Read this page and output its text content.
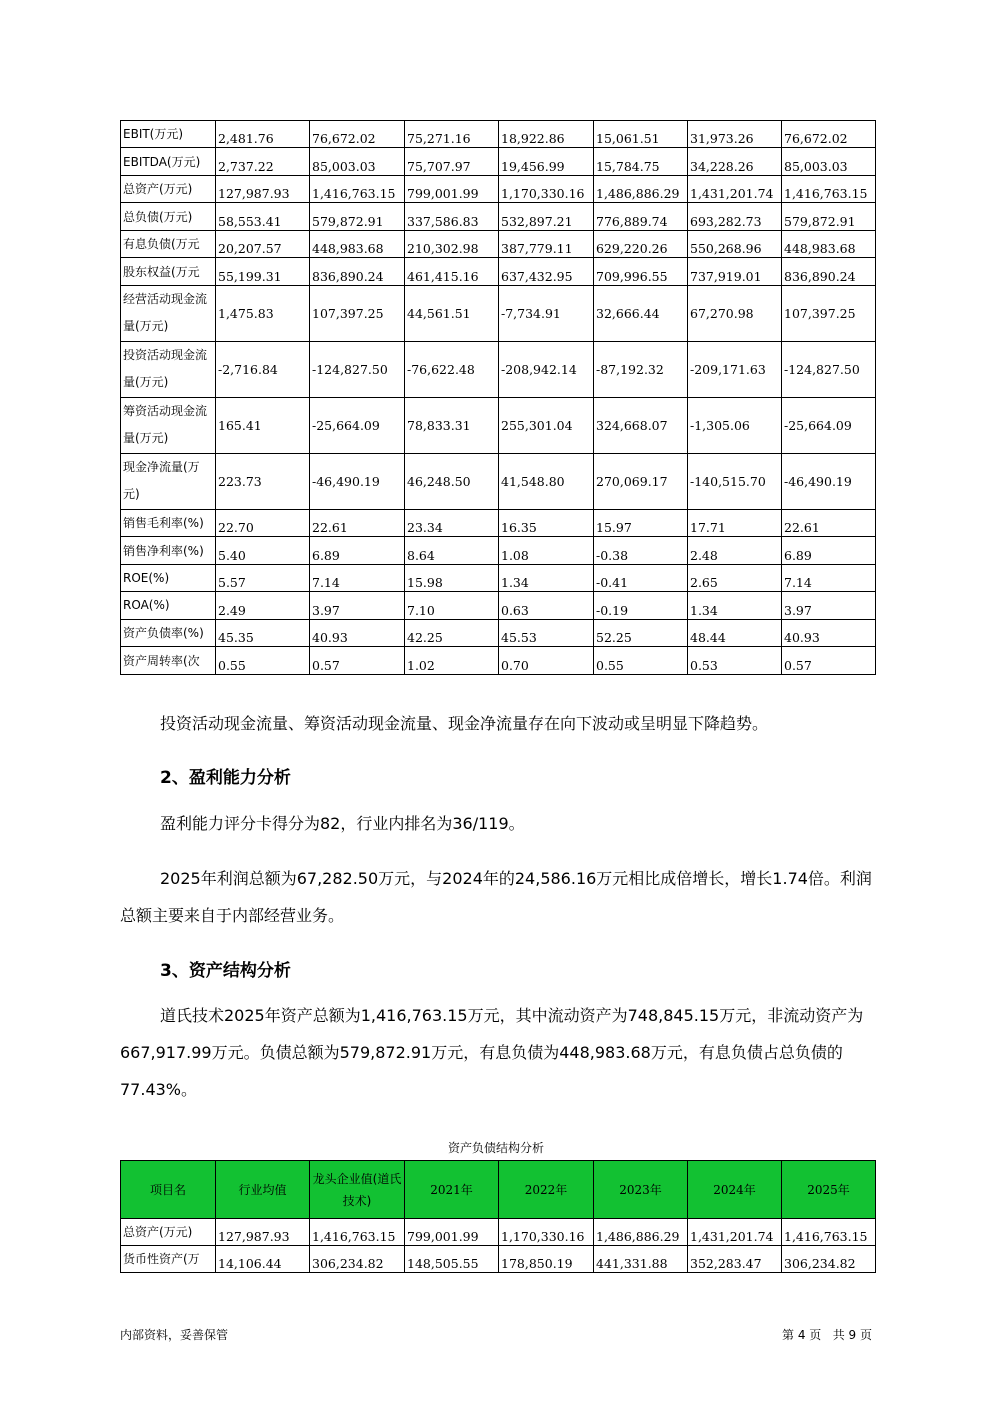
EBIT(万元)	2,481.76	76,672.02	75,271.16	18,922.86	15,061.51	31,973.26	76,672.02
EBITDA(万元)	2,737.22	85,003.03	75,707.97	19,456.99	15,784.75	34,228.26	85,003.03
总资产(万元)	127,987.93	1,416,763.15	799,001.99	1,170,330.16	1,486,886.29	1,431,201.74	1,416,763.15
总负债(万元)	58,553.41	579,872.91	337,586.83	532,897.21	776,889.74	693,282.73	579,872.91
有息负债(万元	20,207.57	448,983.68	210,302.98	387,779.11	629,220.26	550,268.96	448,983.68
股东权益(万元	55,199.31	836,890.24	461,415.16	637,432.95	709,996.55	737,919.01	836,890.24
经营活动现金流量(万元)	1,475.83	107,397.25	44,561.51	-7,734.91	32,666.44	67,270.98	107,397.25
投资活动现金流量(万元)	-2,716.84	-124,827.50	-76,622.48	-208,942.14	-87,192.32	-209,171.63	-124,827.50
筹资活动现金流量(万元)	165.41	-25,664.09	78,833.31	255,301.04	324,668.07	-1,305.06	-25,664.09
现金净流量(万元)	223.73	-46,490.19	46,248.50	41,548.80	270,069.17	-140,515.70	-46,490.19
销售毛利率(%)	22.70	22.61	23.34	16.35	15.97	17.71	22.61
销售净利率(%)	5.40	6.89	8.64	1.08	-0.38	2.48	6.89
ROE(%)	5.57	7.14	15.98	1.34	-0.41	2.65	7.14
ROA(%)	2.49	3.97	7.10	0.63	-0.19	1.34	3.97
资产负债率(%)	45.35	40.93	42.25	45.53	52.25	48.44	40.93
资产周转率(次	0.55	0.57	1.02	0.70	0.55	0.53	0.57

投资活动现金流量、筹资活动现金流量、现金净流量存在向下波动或呈明显下降趋势。

2、盈利能力分析

盈利能力评分卡得分为82，行业内排名为36/119。

2025年利润总额为67,282.50万元，与2024年的24,586.16万元相比成倍增长，增长1.74倍。利润总额主要来自于内部经营业务。

3、资产结构分析

道氏技术2025年资产总额为1,416,763.15万元，其中流动资产为748,845.15万元，非流动资产为667,917.99万元。负债总额为579,872.91万元，有息负债为448,983.68万元，有息负债占总负债的77.43%。

资产负债结构分析

项目名	行业均值	龙头企业值(道氏技术)	2021年	2022年	2023年	2024年	2025年
总资产(万元)	127,987.93	1,416,763.15	799,001.99	1,170,330.16	1,486,886.29	1,431,201.74	1,416,763.15
货币性资产(万	14,106.44	306,234.82	148,505.55	178,850.19	441,331.88	352,283.47	306,234.82
内部资料，妥善保管	第 4 页   共 9 页
